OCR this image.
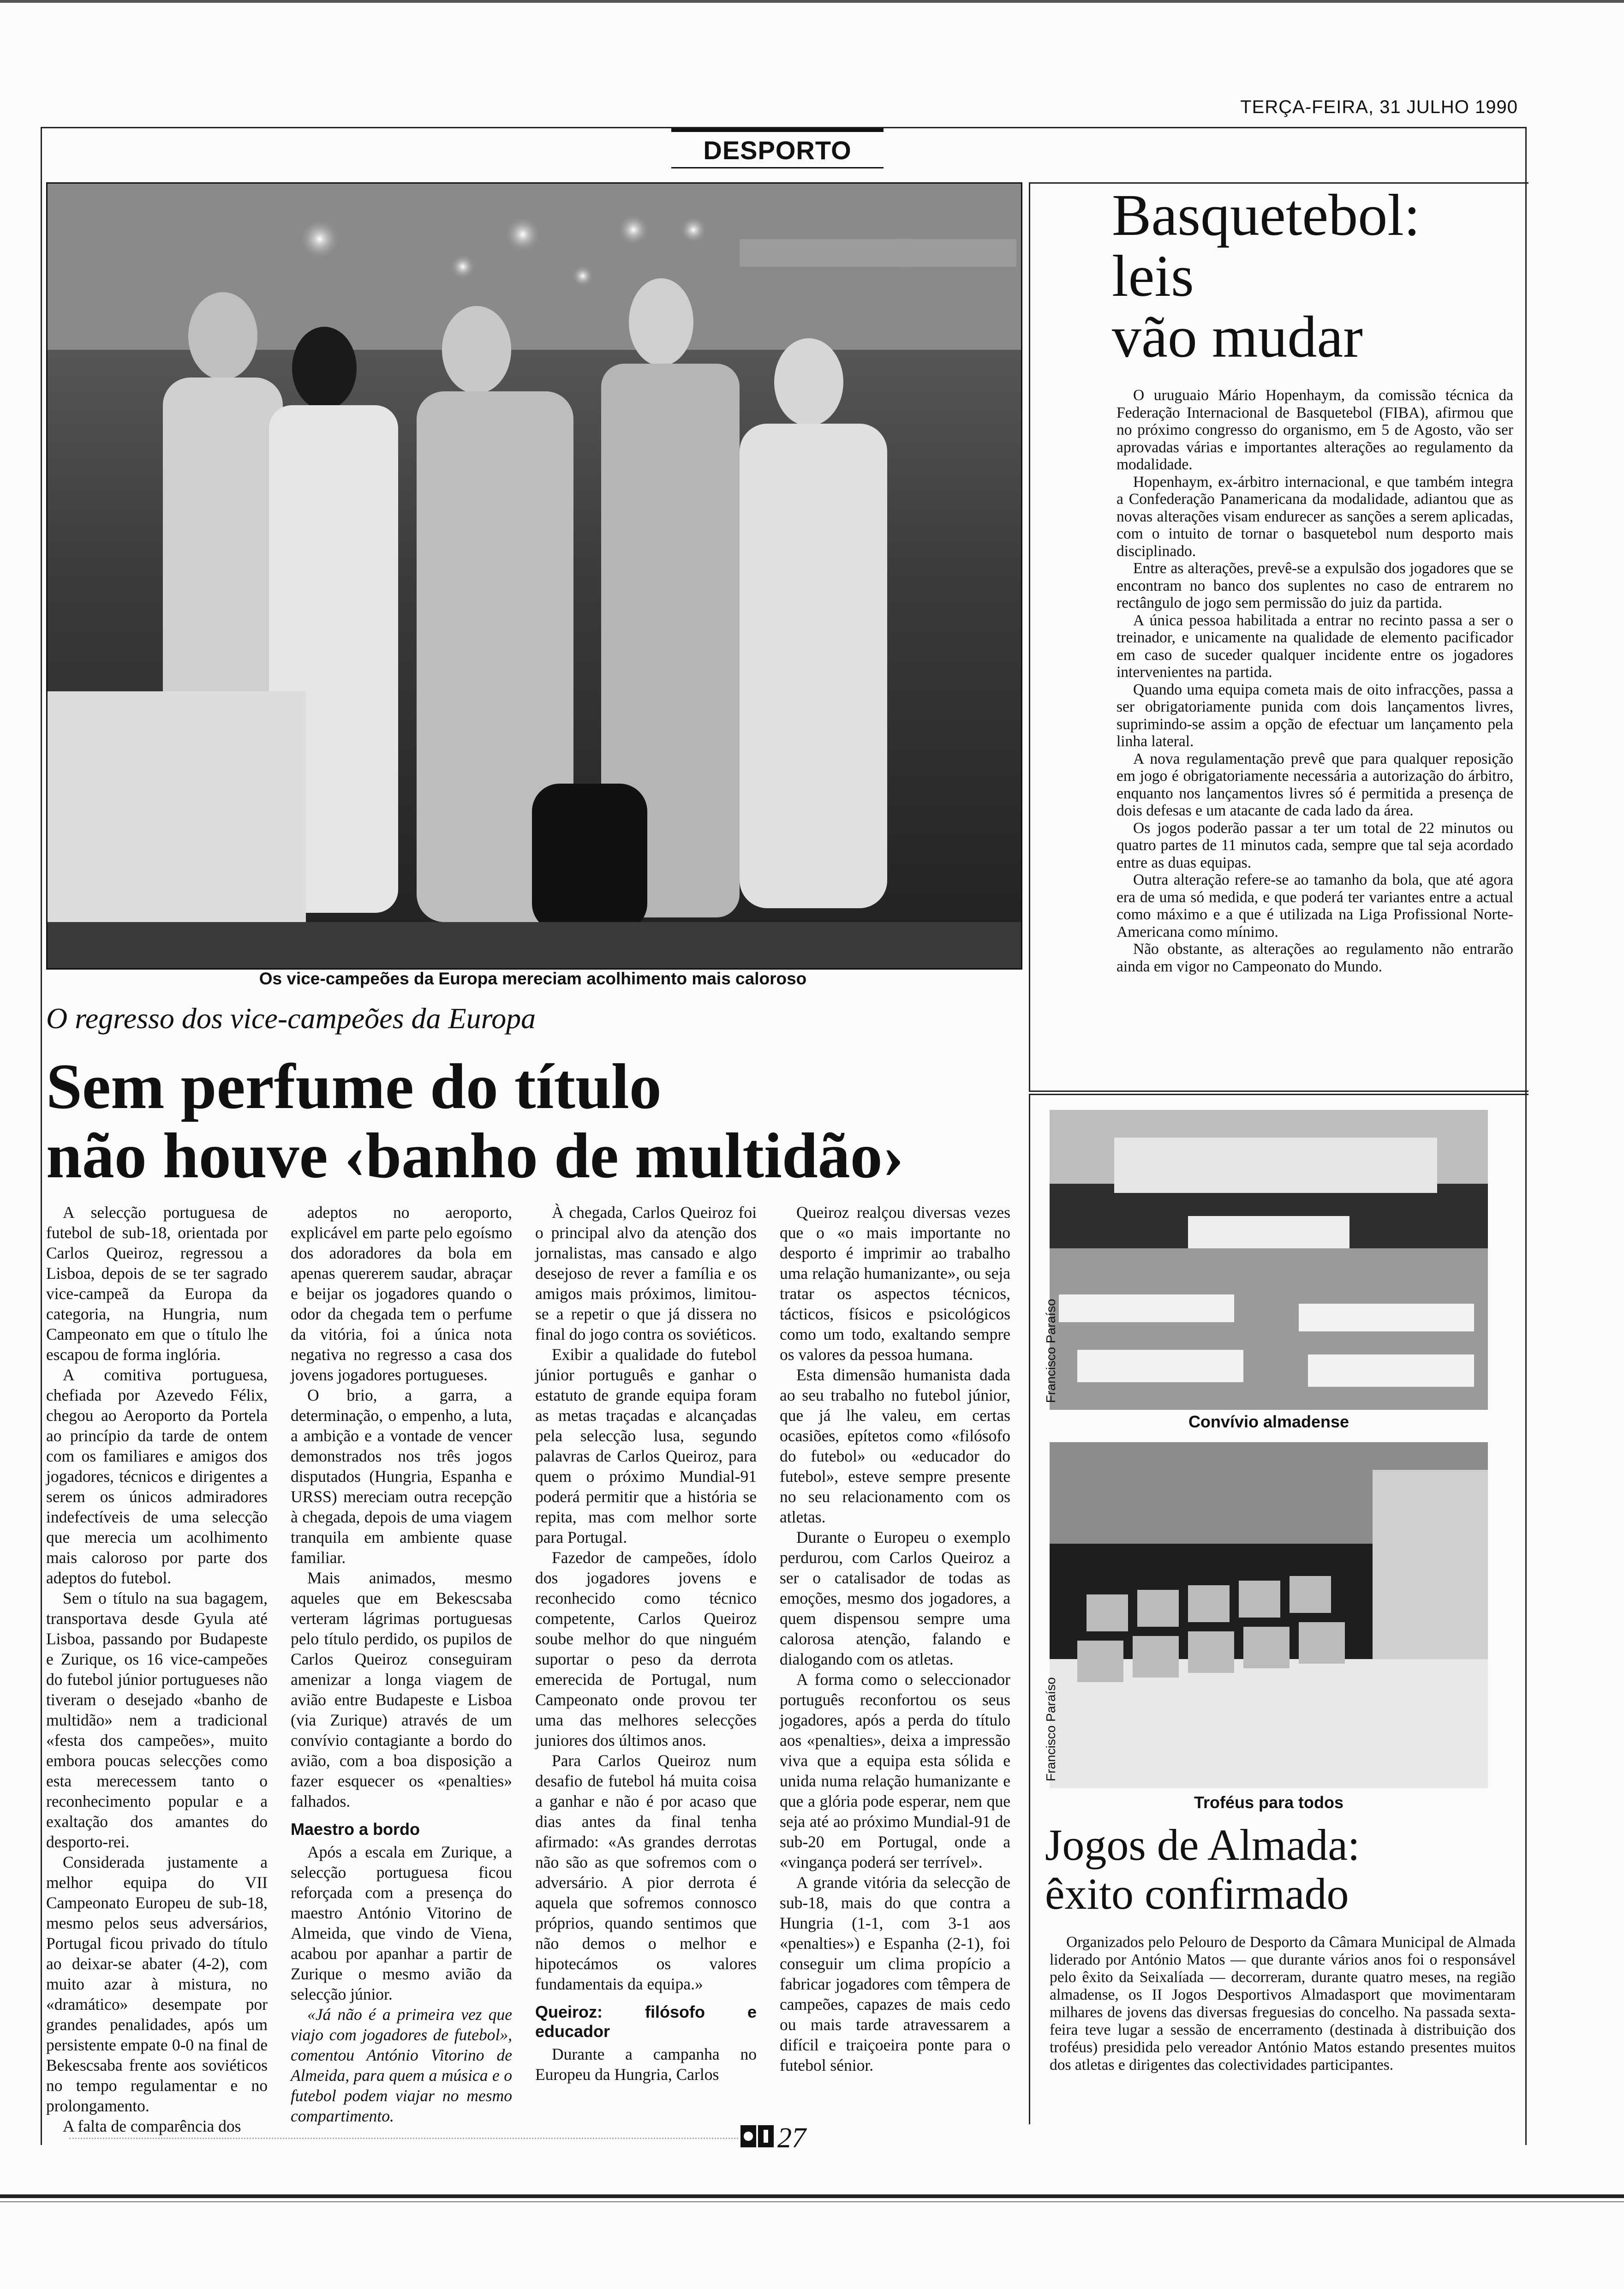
TERÇA-FEIRA, 31 JULHO 1990
DESPORTO
Os vice-campeões da Europa mereciam acolhimento mais caloroso
O regresso dos vice-campeões da Europa
Sem perfume do título
não houve ‹banho de multidão›

A selecção portuguesa de futebol de sub-18, orientada por Carlos Queiroz, regressou a Lisboa, depois de se ter sagrado vice-campeã da Europa da categoria, na Hungria, num Campeonato em que o título lhe escapou de forma inglória.

A comitiva portuguesa, chefiada por Azevedo Félix, chegou ao Aeroporto da Portela ao princípio da tarde de ontem com os familiares e amigos dos jogadores, técnicos e dirigentes a serem os únicos admiradores indefectíveis de uma selecção que merecia um acolhimento mais caloroso por parte dos adeptos do futebol.

Sem o título na sua bagagem, transportava desde Gyula até Lisboa, passando por Budapeste e Zurique, os 16 vice-campeões do futebol júnior portugueses não tiveram o desejado «banho de multidão» nem a tradicional «festa dos campeões», muito embora poucas selecções como esta merecessem tanto o reconhecimento popular e a exaltação dos amantes do desporto-rei.

Considerada justamente a melhor equipa do VII Campeonato Europeu de sub-18, mesmo pelos seus adversários, Portugal ficou privado do título ao deixar-se abater (4-2), com muito azar à mistura, no «dramático» desempate por grandes penalidades, após um persistente empate 0-0 na final de Bekescsaba frente aos soviéticos no tempo regulamentar e no prolongamento.

A falta de comparência dos

adeptos no aeroporto, explicável em parte pelo egoísmo dos adoradores da bola em apenas quererem saudar, abraçar e beijar os jogadores quando o odor da chegada tem o perfume da vitória, foi a única nota negativa no regresso a casa dos jovens jogadores portugueses.

O brio, a garra, a determinação, o empenho, a luta, a ambição e a vontade de vencer demonstrados nos três jogos disputados (Hungria, Espanha e URSS) mereciam outra recepção à chegada, depois de uma viagem tranquila em ambiente quase familiar.

Mais animados, mesmo aqueles que em Bekescsaba verteram lágrimas portuguesas pelo título perdido, os pupilos de Carlos Queiroz conseguiram amenizar a longa viagem de avião entre Budapeste e Lisboa (via Zurique) através de um convívio contagiante a bordo do avião, com a boa disposição a fazer esquecer os «penalties» falhados.

Maestro a bordo

Após a escala em Zurique, a selecção portuguesa ficou reforçada com a presença do maestro António Vitorino de Almeida, que vindo de Viena, acabou por apanhar a partir de Zurique o mesmo avião da selecção júnior.

«Já não é a primeira vez que viajo com jogadores de futebol», comentou António Vitorino de Almeida, para quem a música e o futebol podem viajar no mesmo compartimento.

À chegada, Carlos Queiroz foi o principal alvo da atenção dos jornalistas, mas cansado e algo desejoso de rever a família e os amigos mais próximos, limitou-se a repetir o que já dissera no final do jogo contra os soviéticos.

Exibir a qualidade do futebol júnior português e ganhar o estatuto de grande equipa foram as metas traçadas e alcançadas pela selecção lusa, segundo palavras de Carlos Queiroz, para quem o próximo Mundial-91 poderá permitir que a história se repita, mas com melhor sorte para Portugal.

Fazedor de campeões, ídolo dos jogadores jovens e reconhecido como técnico competente, Carlos Queiroz soube melhor do que ninguém suportar o peso da derrota emerecida de Portugal, num Campeonato onde provou ter uma das melhores selecções juniores dos últimos anos.

Para Carlos Queiroz num desafio de futebol há muita coisa a ganhar e não é por acaso que dias antes da final tenha afirmado: «As grandes derrotas não são as que sofremos com o adversário. A pior derrota é aquela que sofremos connosco próprios, quando sentimos que não demos o melhor e hipotecámos os valores fundamentais da equipa.»

Queiroz: filósofo e educador

Durante a campanha no Europeu da Hungria, Carlos

Queiroz realçou diversas vezes que o «o mais importante no desporto é imprimir ao trabalho uma relação humanizante», ou seja tratar os aspectos técnicos, tácticos, físicos e psicológicos como um todo, exaltando sempre os valores da pessoa humana.

Esta dimensão humanista dada ao seu trabalho no futebol júnior, que já lhe valeu, em certas ocasiões, epítetos como «filósofo do futebol» ou «educador do futebol», esteve sempre presente no seu relacionamento com os atletas.

Durante o Europeu o exemplo perdurou, com Carlos Queiroz a ser o catalisador de todas as emoções, mesmo dos jogadores, a quem dispensou sempre uma calorosa atenção, falando e dialogando com os atletas.

A forma como o seleccionador português reconfortou os seus jogadores, após a perda do título aos «penalties», deixa a impressão viva que a equipa esta sólida e unida numa relação humanizante e que a glória pode esperar, nem que seja até ao próximo Mundial-91 de sub-20 em Portugal, onde a «vingança poderá ser terrível».

A grande vitória da selecção de sub-18, mais do que contra a Hungria (1-1, com 3-1 aos «penalties») e Espanha (2-1), foi conseguir um clima propício a fabricar jogadores com têmpera de campeões, capazes de mais cedo ou mais tarde atravessarem a difícil e traiçoeira ponte para o futebol sénior.

Basquetebol:
leis
vão mudar

O uruguaio Mário Hopenhaym, da comissão técnica da Federação Internacional de Basquetebol (FIBA), afirmou que no próximo congresso do organismo, em 5 de Agosto, vão ser aprovadas várias e importantes alterações ao regulamento da modalidade.

Hopenhaym, ex-árbitro internacional, e que também integra a Confederação Panamericana da modalidade, adiantou que as novas alterações visam endurecer as sanções a serem aplicadas, com o intuito de tornar o basquetebol num desporto mais disciplinado.

Entre as alterações, prevê-se a expulsão dos jogadores que se encontram no banco dos suplentes no caso de entrarem no rectângulo de jogo sem permissão do juiz da partida.

A única pessoa habilitada a entrar no recinto passa a ser o treinador, e unicamente na qualidade de elemento pacificador em caso de suceder qualquer incidente entre os jogadores intervenientes na partida.

Quando uma equipa cometa mais de oito infracções, passa a ser obrigatoriamente punida com dois lançamentos livres, suprimindo-se assim a opção de efectuar um lançamento pela linha lateral.

A nova regulamentação prevê que para qualquer reposição em jogo é obrigatoriamente necessária a autorização do árbitro, enquanto nos lançamentos livres só é permitida a presença de dois defesas e um atacante de cada lado da área.

Os jogos poderão passar a ter um total de 22 minutos ou quatro partes de 11 minutos cada, sempre que tal seja acordado entre as duas equipas.

Outra alteração refere-se ao tamanho da bola, que até agora era de uma só medida, e que poderá ter variantes entre a actual como máximo e a que é utilizada na Liga Profissional Norte-Americana como mínimo.

Não obstante, as alterações ao regulamento não entrarão ainda em vigor no Campeonato do Mundo.

Francisco Paraíso
Convívio almadense
Francisco Paraíso
Troféus para todos
Jogos de Almada:
êxito confirmado

Organizados pelo Pelouro de Desporto da Câmara Municipal de Almada liderado por António Matos — que durante vários anos foi o responsável pelo êxito da Seixalíada — decorreram, durante quatro meses, na região almadense, os II Jogos Desportivos Almadasport que movimentaram milhares de jovens das diversas freguesias do concelho. Na passada sexta-feira teve lugar a sessão de encerramento (destinada à distribuição dos troféus) presidida pelo vereador António Matos estando presentes muitos dos atletas e dirigentes das colectividades participantes.

27
